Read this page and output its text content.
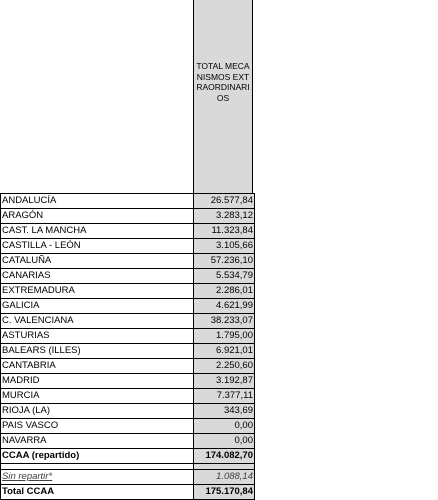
TOTAL MECANISMOS EXTRAORDINARIOS
ANDALUCÍA	26.577,84
ARAGÓN	3.283,12
CAST. LA MANCHA	11.323,84
CASTILLA - LEÓN	3.105,66
CATALUÑA	57.236,10
CANARIAS	5.534,79
EXTREMADURA	2.286,01
GALICIA	4.621,99
C. VALENCIANA	38.233,07
ASTURIAS	1.795,00
BALEARS (ILLES)	6.921,01
CANTABRIA	2.250,60
MADRID	3.192,87
MURCIA	7.377,11
RIOJA (LA)	343,69
PAIS VASCO	0,00
NAVARRA	0,00
CCAA (repartido)	174.082,70

Sin repartir*	1.088,14
Total CCAA	175.170,84
